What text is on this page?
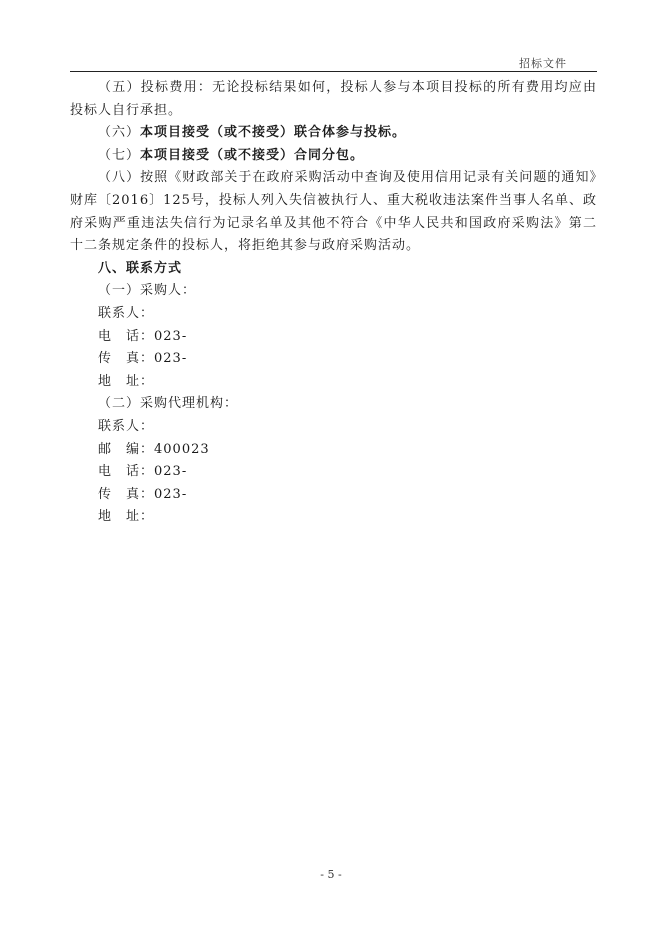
招标文件

（五）投标费用：无论投标结果如何，投标人参与本项目投标的所有费用均应由投标人自行承担。

（六）本项目接受（或不接受）联合体参与投标。

（七）本项目接受（或不接受）合同分包。

（八）按照《财政部关于在政府采购活动中查询及使用信用记录有关问题的通知》财库〔2016〕125号，投标人列入失信被执行人、重大税收违法案件当事人名单、政府采购严重违法失信行为记录名单及其他不符合《中华人民共和国政府采购法》第二十二条规定条件的投标人，将拒绝其参与政府采购活动。

八、联系方式

（一）采购人：

联系人：

电　话：023-

传　真：023-

地　址：

（二）采购代理机构：

联系人：

邮　编：400023

电　话：023-

传　真：023-

地　址：

- 5 -
